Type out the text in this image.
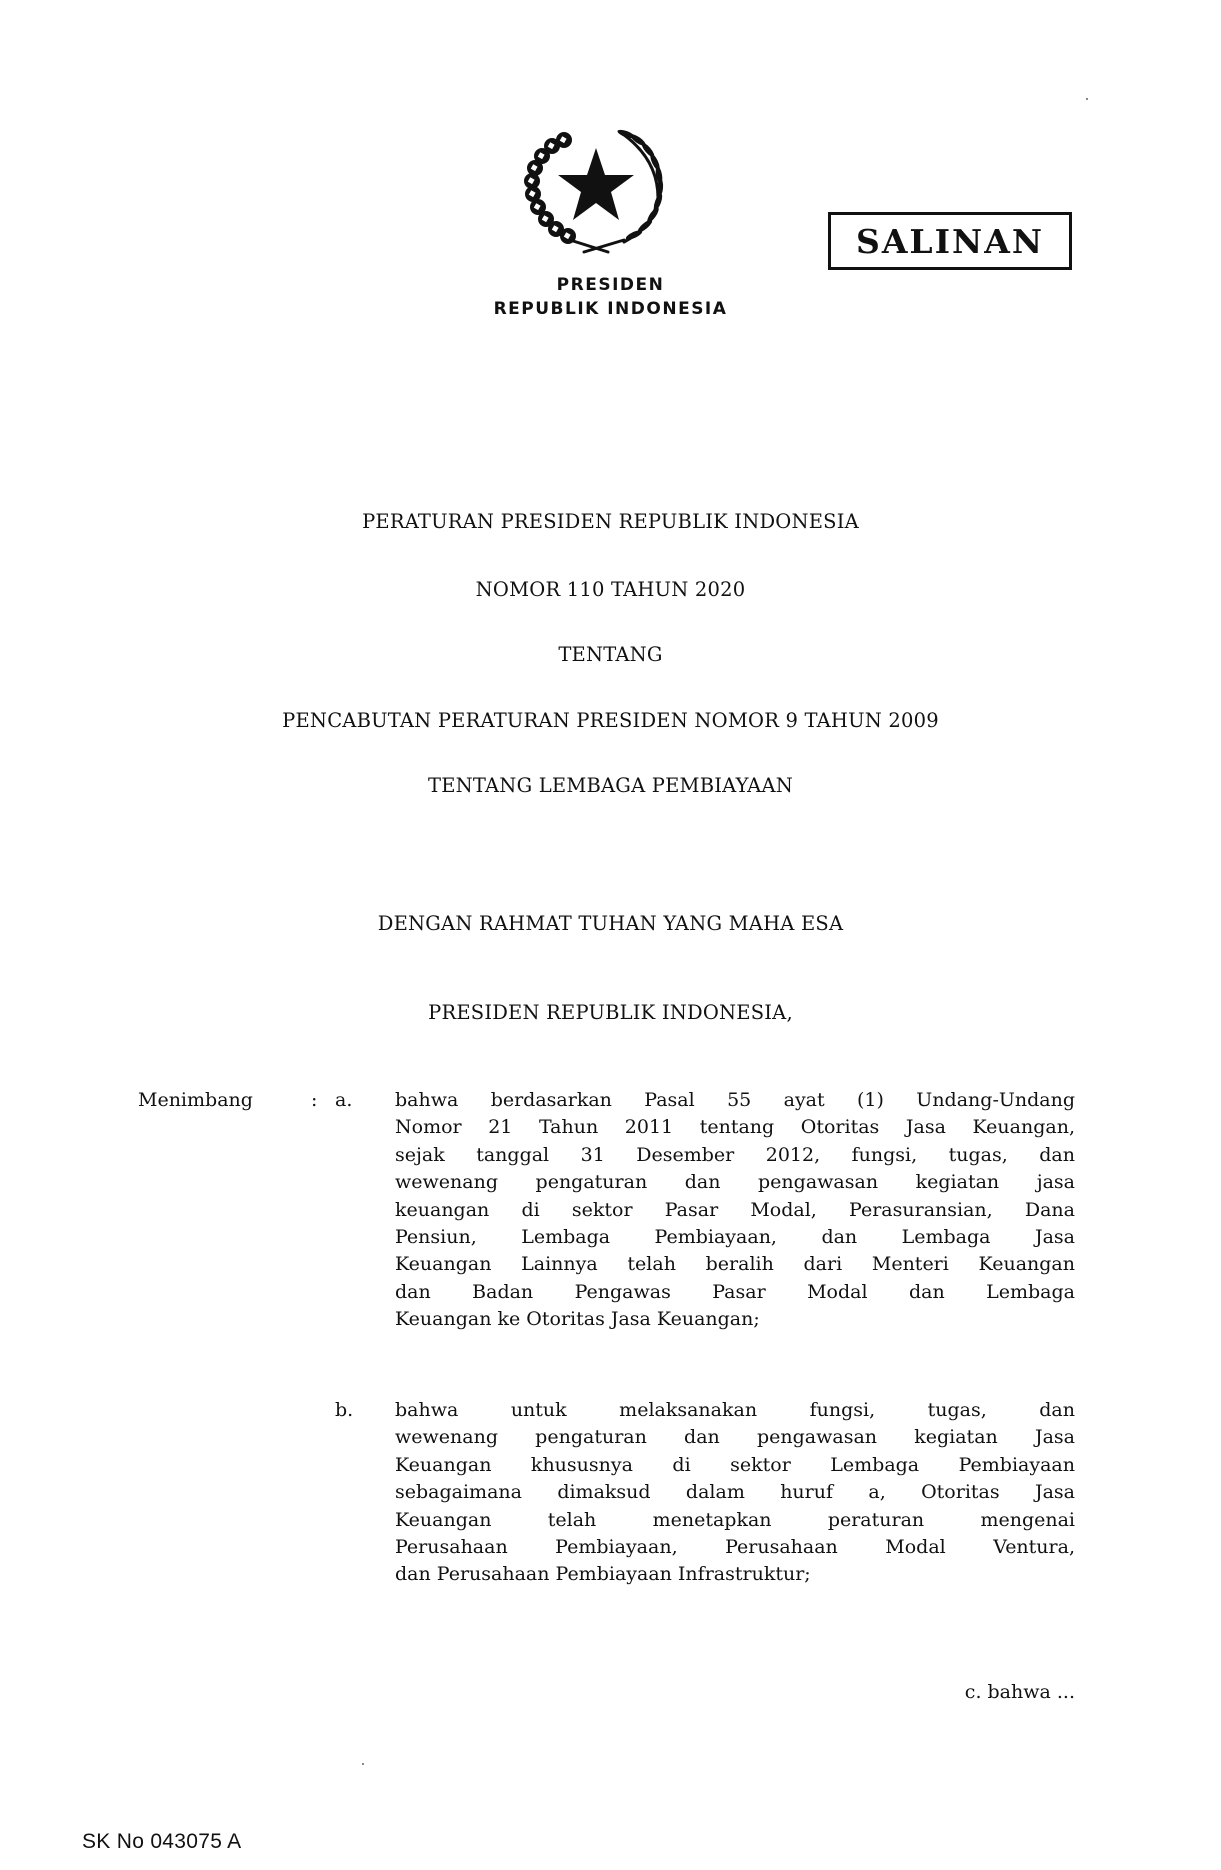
PRESIDEN
REPUBLIK INDONESIA
SALINAN
PERATURAN PRESIDEN REPUBLIK INDONESIA
NOMOR 110 TAHUN 2020
TENTANG
PENCABUTAN PERATURAN PRESIDEN NOMOR 9 TAHUN 2009
TENTANG LEMBAGA PEMBIAYAAN
DENGAN RAHMAT TUHAN YANG MAHA ESA
PRESIDEN REPUBLIK INDONESIA,
Menimbang	: a. bahwa berdasarkan Pasal 55 ayat (1) Undang-Undang
Nomor 21 Tahun 2011 tentang Otoritas Jasa Keuangan,
sejak tanggal 31 Desember 2012, fungsi, tugas, dan
wewenang pengaturan dan pengawasan kegiatan jasa
keuangan di sektor Pasar Modal, Perasuransian, Dana
Pensiun, Lembaga Pembiayaan, dan Lembaga Jasa
Keuangan Lainnya telah beralih dari Menteri Keuangan
dan Badan Pengawas Pasar Modal dan Lembaga
Keuangan ke Otoritas Jasa Keuangan;
b. bahwa untuk melaksanakan fungsi, tugas, dan
wewenang pengaturan dan pengawasan kegiatan Jasa
Keuangan khususnya di sektor Lembaga Pembiayaan
sebagaimana dimaksud dalam huruf a, Otoritas Jasa
Keuangan telah menetapkan peraturan mengenai
Perusahaan Pembiayaan, Perusahaan Modal Ventura,
dan Perusahaan Pembiayaan Infrastruktur;
c. bahwa ...
SK No 043075 A
